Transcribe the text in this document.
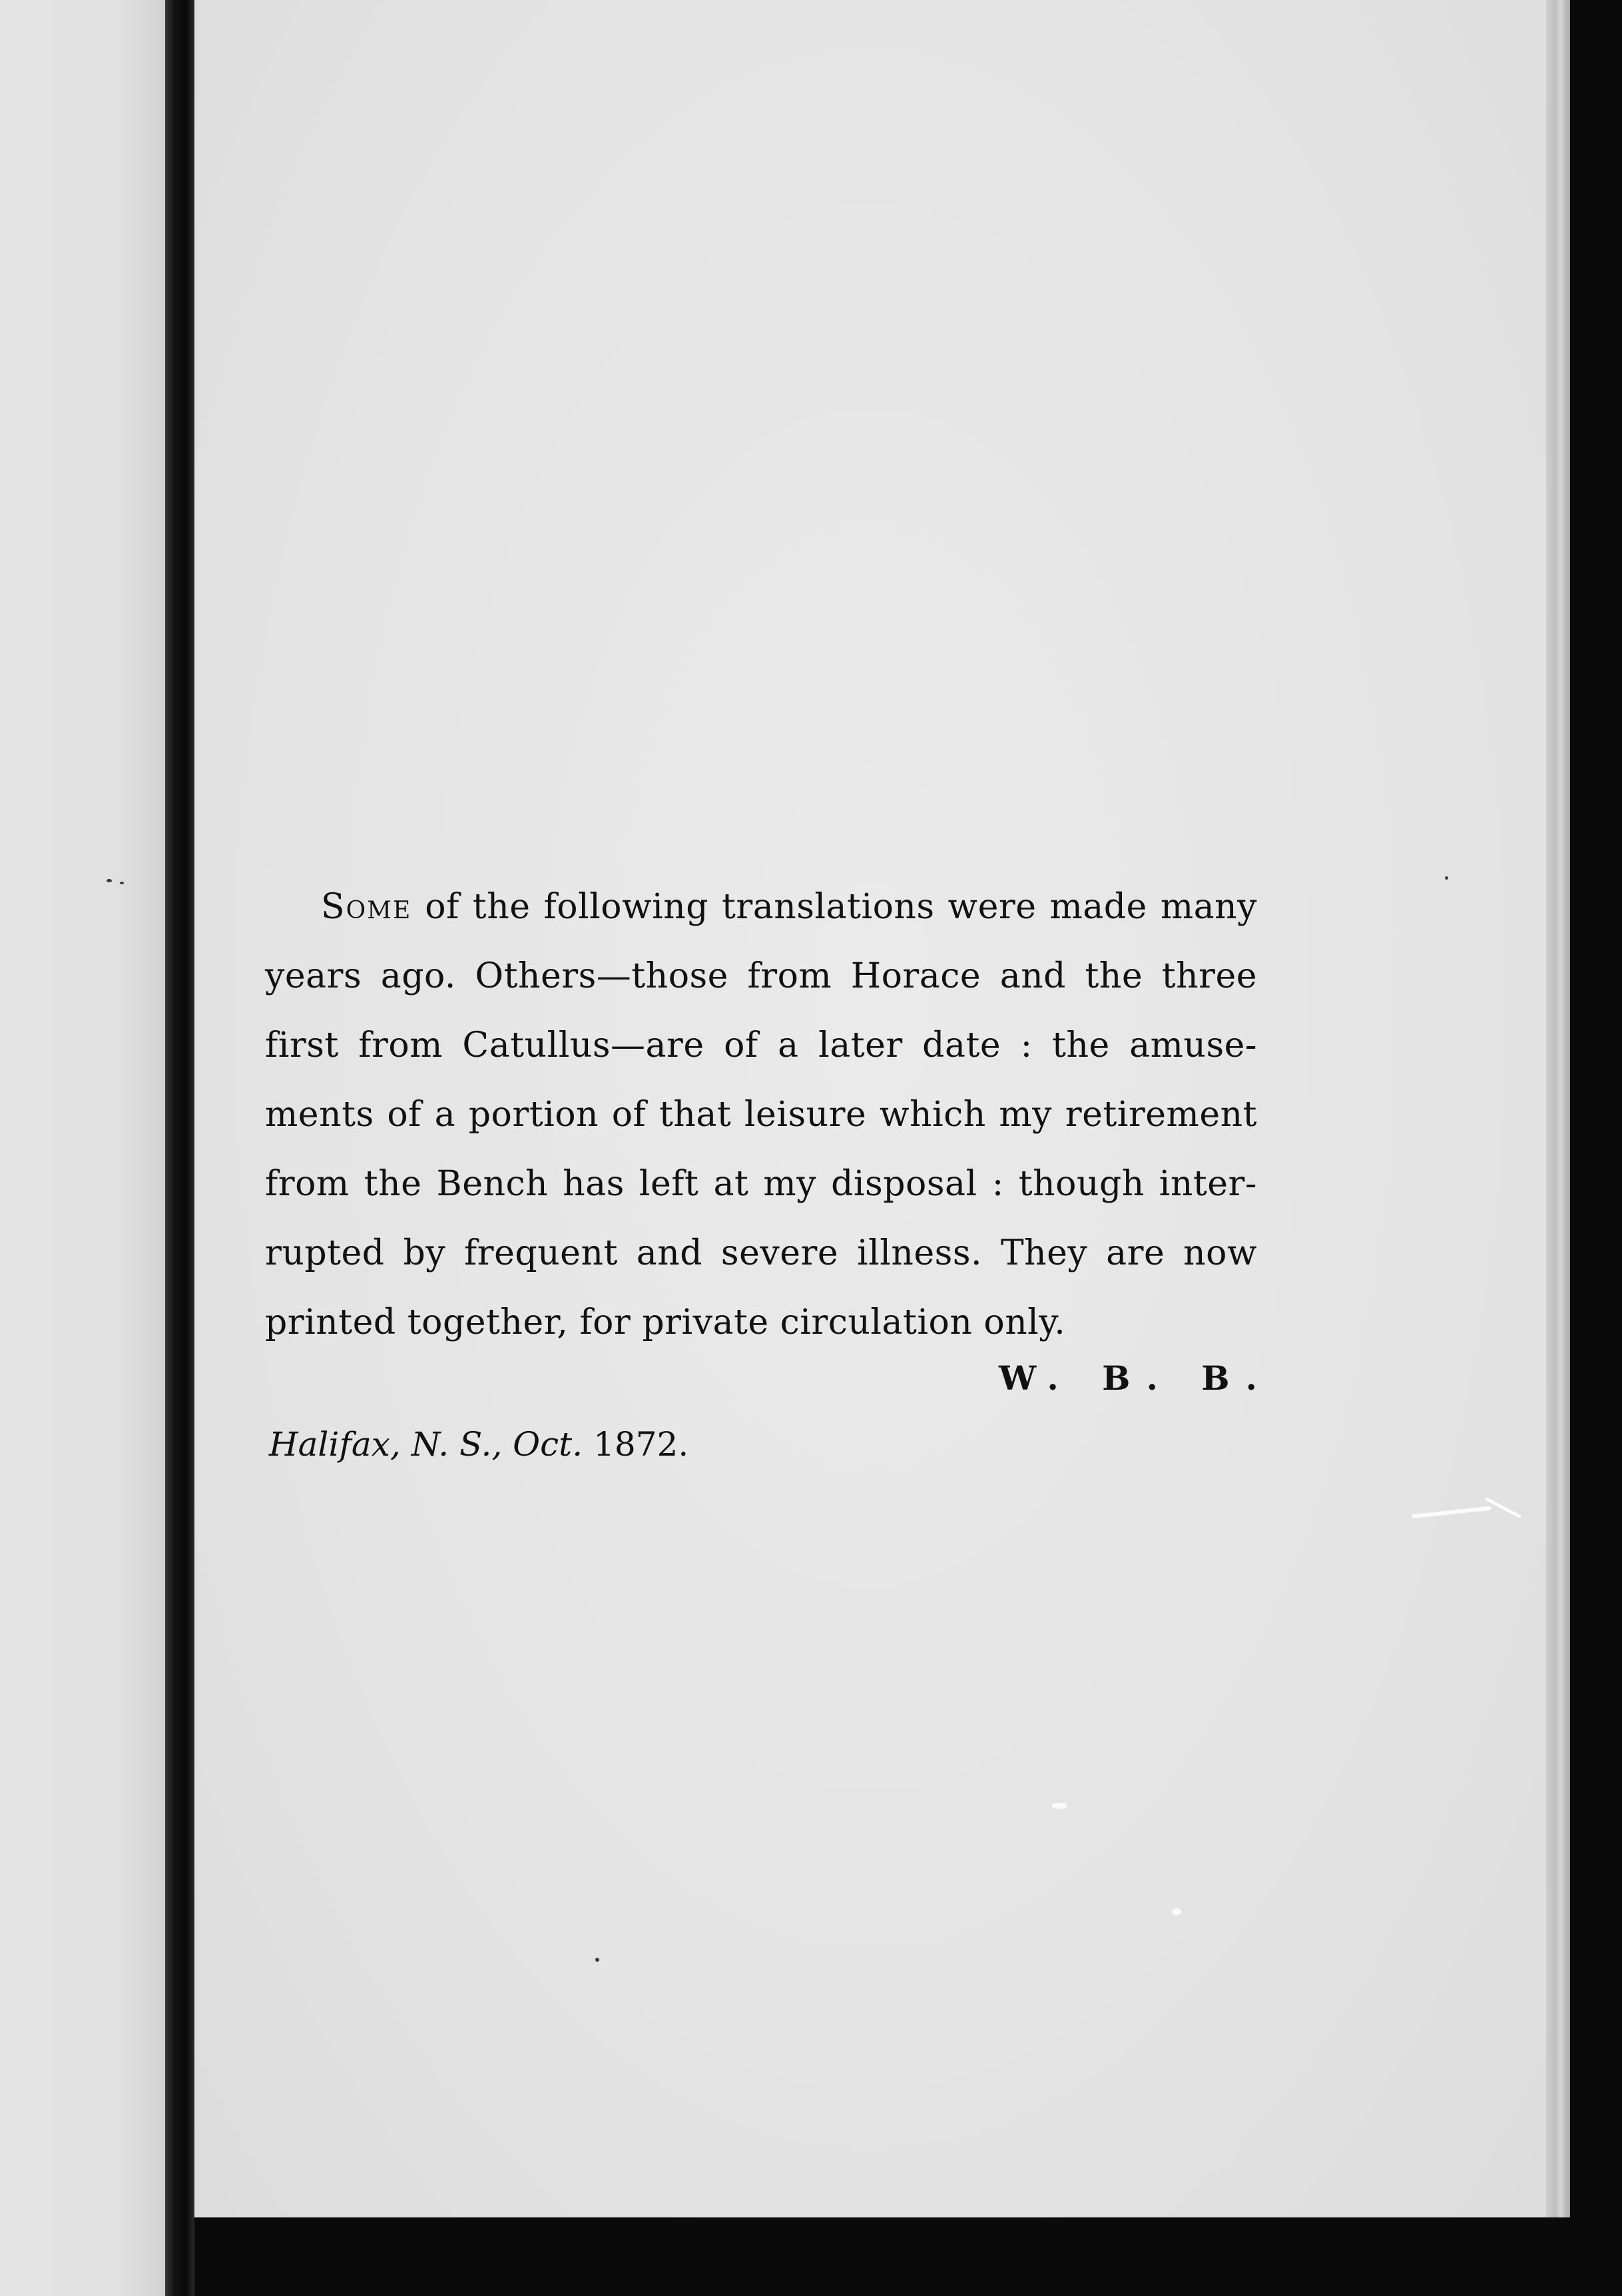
Some of the following translations were made many
years ago. Others—those from Horace and the three
first from Catullus—are of a later date : the amuse-
ments of a portion of that leisure which my retirement
from the Bench has left at my disposal : though inter-
rupted by frequent and severe illness. They are now
printed together, for private circulation only.
W. B. B.
Halifax, N. S., Oct. 1872.
